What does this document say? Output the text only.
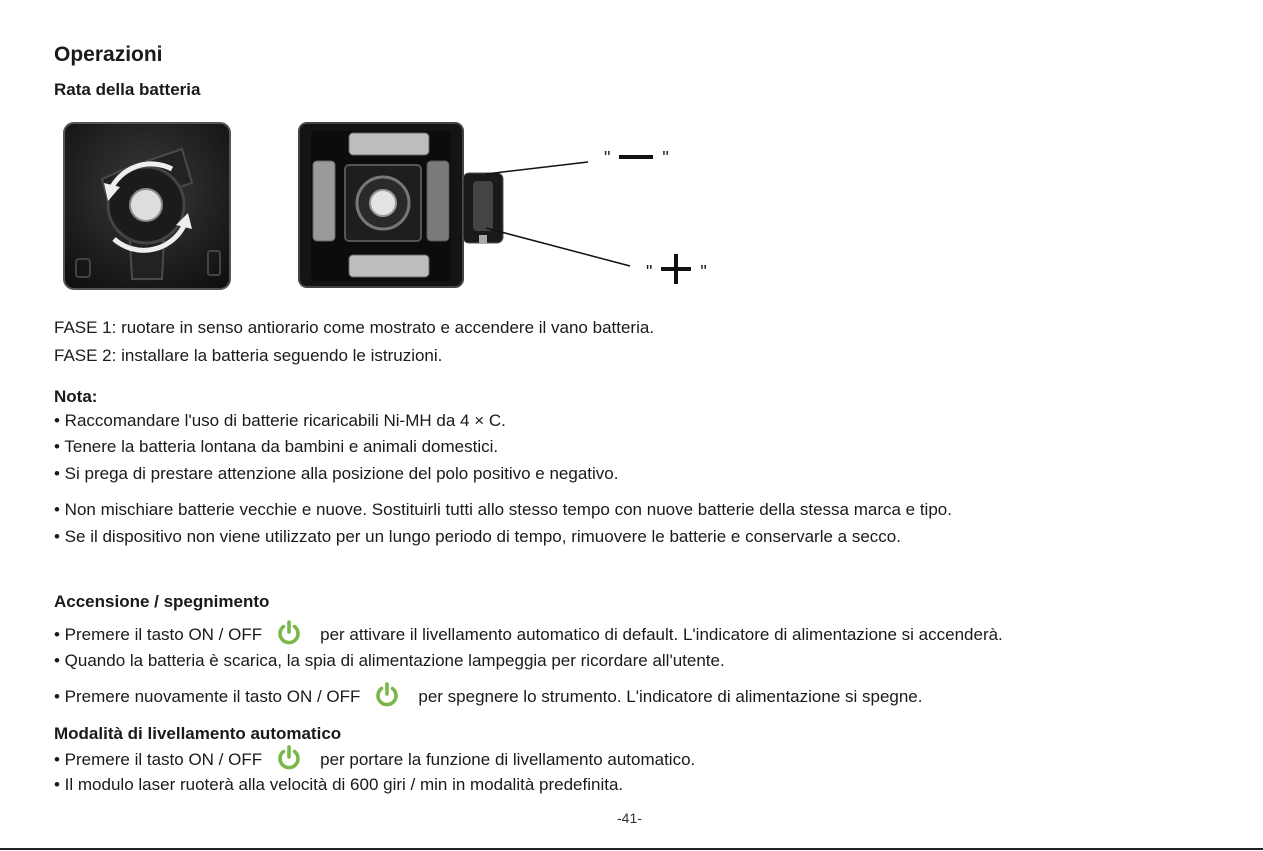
Operazioni
Rata della batteria
"	"
"	"
FASE 1: ruotare in senso antiorario come mostrato e accendere il vano batteria.
FASE 2: installare la batteria seguendo le istruzioni.
Nota:
• Raccomandare l'uso di batterie ricaricabili Ni-MH da 4 × C.
• Tenere la batteria lontana da bambini e animali domestici.
• Si prega di prestare attenzione alla posizione del polo positivo e negativo.
• Non mischiare batterie vecchie e nuove. Sostituirli tutti allo stesso tempo con nuove batterie della stessa marca e tipo.
• Se il dispositivo non viene utilizzato per un lungo periodo di tempo, rimuovere le batterie e conservarle a secco.
Accensione / spegnimento
• Premere il tasto ON / OFF	per attivare il livellamento automatico di default. L'indicatore di alimentazione si accenderà.
• Quando la batteria è scarica, la spia di alimentazione lampeggia per ricordare all'utente.
• Premere nuovamente il tasto ON / OFF	per spegnere lo strumento. L'indicatore di alimentazione si spegne.
Modalità di livellamento automatico
• Premere il tasto ON / OFF	per portare la funzione di livellamento automatico.
• Il modulo laser ruoterà alla velocità di 600 giri / min in modalità predefinita.
-41-
